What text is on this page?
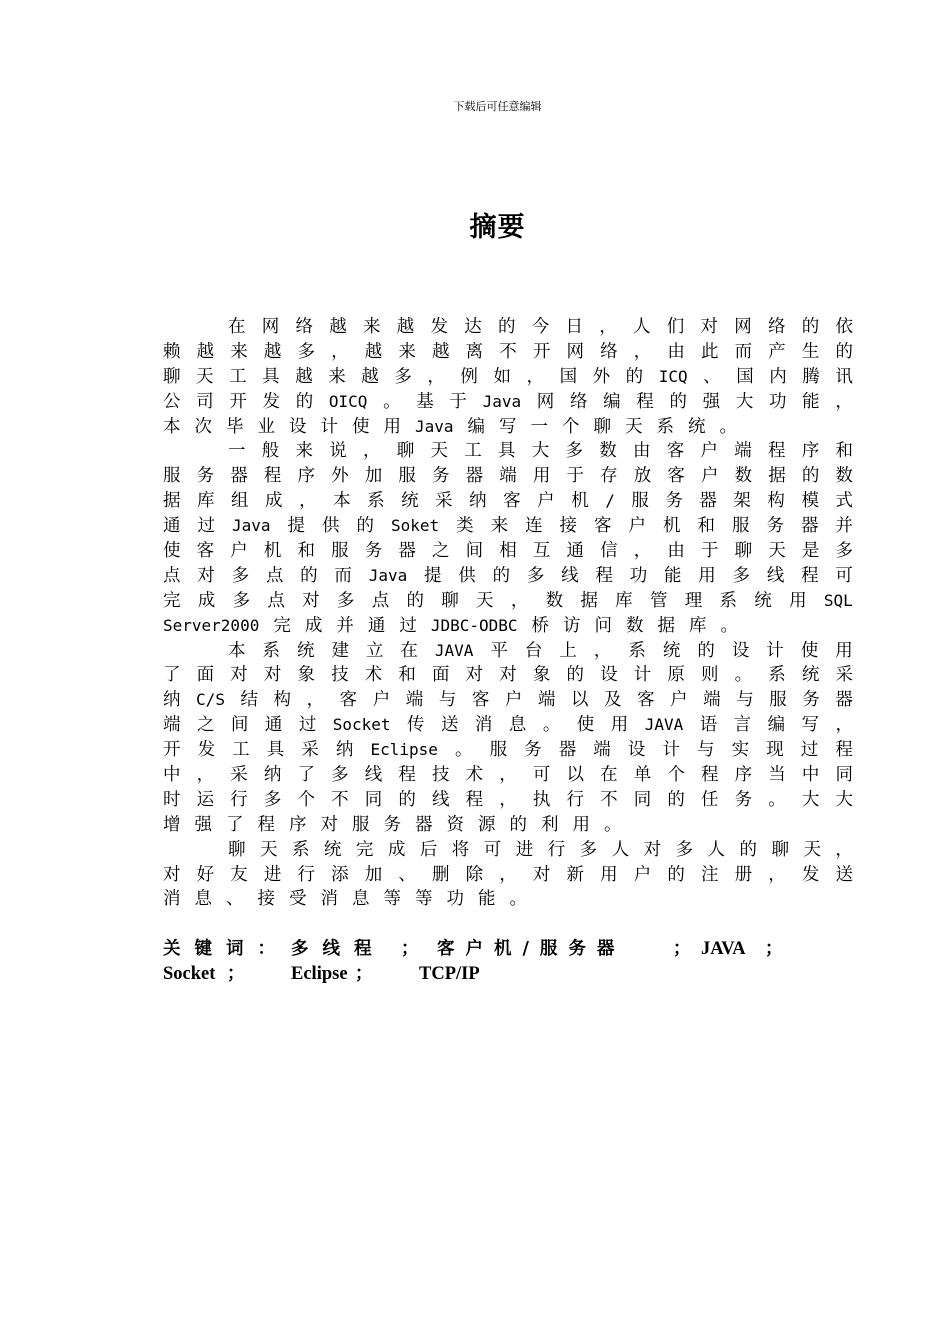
下载后可任意编辑
摘要
在 网 络 越 来 越 发 达 的 今 日 ， 人 们 对 网 络 的 依
赖 越 来 越 多 ， 越 来 越 离 不 开 网 络 ， 由 此 而 产 生 的
聊 天 工 具 越 来 越 多 ， 例 如 ， 国 外 的 ICQ 、 国 内 腾 讯
公 司 开 发 的 OICQ 。 基 于 Java 网 络 编 程 的 强 大 功 能 ，
本 次 毕 业 设 计 使 用 Java 编 写 一 个 聊 天 系 统 。
一 般 来 说 ， 聊 天 工 具 大 多 数 由 客 户 端 程 序 和
服 务 器 程 序 外 加 服 务 器 端 用 于 存 放 客 户 数 据 的 数
据 库 组 成 ， 本 系 统 采 纳 客 户 机 / 服 务 器 架 构 模 式
通 过 Java 提 供 的 Soket 类 来 连 接 客 户 机 和 服 务 器 并
使 客 户 机 和 服 务 器 之 间 相 互 通 信 ， 由 于 聊 天 是 多
点 对 多 点 的 而 Java 提 供 的 多 线 程 功 能 用 多 线 程 可
完 成 多 点 对 多 点 的 聊 天 ， 数 据 库 管 理 系 统 用 SQL
Server2000 完 成 并 通 过 JDBC-ODBC 桥 访 问 数 据 库 。
本 系 统 建 立 在 JAVA 平 台 上 ， 系 统 的 设 计 使 用
了 面 对 对 象 技 术 和 面 对 对 象 的 设 计 原 则 。 系 统 采
纳 C/S 结 构 ， 客 户 端 与 客 户 端 以 及 客 户 端 与 服 务 器
端 之 间 通 过 Socket 传 送 消 息 。 使 用 JAVA 语 言 编 写 ，
开 发 工 具 采 纳 Eclipse 。 服 务 器 端 设 计 与 实 现 过 程
中 ， 采 纳 了 多 线 程 技 术 ， 可 以 在 单 个 程 序 当 中 同
时 运 行 多 个 不 同 的 线 程 ， 执 行 不 同 的 任 务 。 大 大
增 强 了 程 序 对 服 务 器 资 源 的 利 用 。
聊 天 系 统 完 成 后 将 可 进 行 多 人 对 多 人 的 聊 天 ，
对 好 友 进 行 添 加 、 删 除 ， 对 新 用 户 的 注 册 ， 发 送
消 息 、 接 受 消 息 等 等 功 能 。
关键词： 多线程 ；	客户机/服务器	； JAVA	；
Socket ；	Eclipse ；	TCP/IP
